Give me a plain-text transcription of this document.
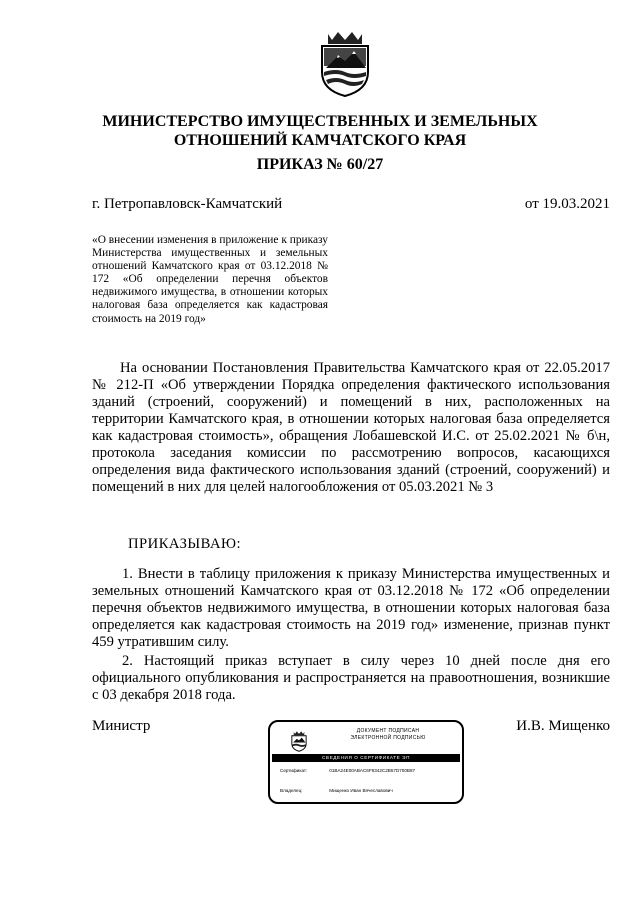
МИНИСТЕРСТВО ИМУЩЕСТВЕННЫХ И ЗЕМЕЛЬНЫХ ОТНОШЕНИЙ КАМЧАТСКОГО КРАЯ
ПРИКАЗ № 60/27
г. Петропавловск-Камчатский	от 19.03.2021
«О внесении изменения в приложение к приказу Министерства имущественных и земельных отношений Камчатского края от 03.12.2018 № 172 «Об определении перечня объектов недвижимого имущества, в отношении которых налоговая база определяется как кадастровая стоимость на 2019 год»
На основании Постановления Правительства Камчатского края от 22.05.2017 № 212-П «Об утверждении Порядка определения фактического использования зданий (строений, сооружений) и помещений в них, расположенных на территории Камчатского края, в отношении которых налоговая база определяется как кадастровая стоимость», обращения Лобашевской И.С. от 25.02.2021 № б\н, протокола заседания комиссии по рассмотрению вопросов, касающихся определения вида фактического использования зданий (строений, сооружений) и помещений в них для целей налогообложения от 05.03.2021 № 3
ПРИКАЗЫВАЮ:
1. Внести в таблицу приложения к приказу Министерства имущественных и земельных отношений Камчатского края от 03.12.2018 № 172 «Об определении перечня объектов недвижимого имущества, в отношении которых налоговая база определяется как кадастровая стоимость на 2019 год» изменение, признав пункт 459 утратившим силу.
2. Настоящий приказ вступает в силу через 10 дней после дня его официального опубликования и распространяется на правоотношения, возникшие с 03 декабря 2018 года.
Министр	И.В. Мищенко
ДОКУМЕНТ ПОДПИСАН
ЭЛЕКТРОННОЙ ПОДПИСЬЮ
СВЕДЕНИЯ О СЕРТИФИКАТЕ ЭП
Сертификат:	01BA24E00ABAC6F9342C2B57D700B87
Владелец:	Мищенко Иван Вячеславович
